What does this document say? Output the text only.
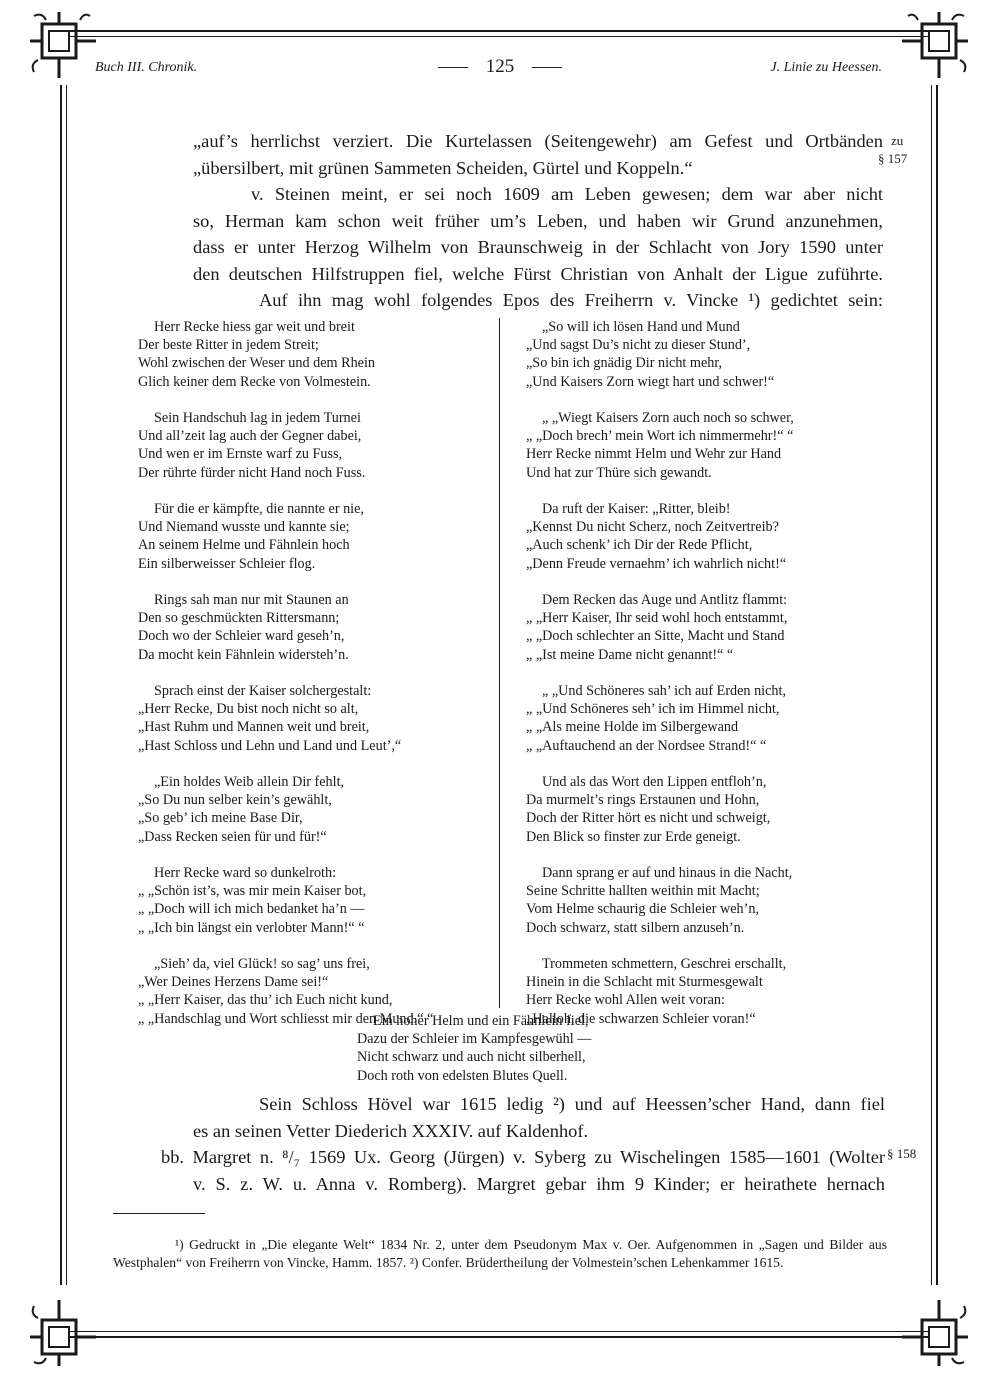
Buch III. Chronik.	125	J. Linie zu Heessen.

„auf’s herrlichst verziert. Die Kurtelassen (Seitengewehr) am Gefest und Ortbänden

„übersilbert, mit grünen Sammeten Scheiden, Gürtel und Koppeln.“

v. Steinen meint, er sei noch 1609 am Leben gewesen; dem war aber nicht

so, Herman kam schon weit früher um’s Leben, und haben wir Grund anzunehmen,

dass er unter Herzog Wilhelm von Braunschweig in der Schlacht von Jory 1590 unter

den deutschen Hilfstruppen fiel, welche Fürst Christian von Anhalt der Ligue zuführte.

Auf ihn mag wohl folgendes Epos des Freiherrn v. Vincke ¹) gedichtet sein:

zu
§ 157
Herr Recke hiess gar weit und breit
Der beste Ritter in jedem Streit;
Wohl zwischen der Weser und dem Rhein
Glich keiner dem Recke von Volmestein.
Sein Handschuh lag in jedem Turnei
Und all’zeit lag auch der Gegner dabei,
Und wen er im Ernste warf zu Fuss,
Der rührte fürder nicht Hand noch Fuss.
Für die er kämpfte, die nannte er nie,
Und Niemand wusste und kannte sie;
An seinem Helme und Fähnlein hoch
Ein silberweisser Schleier flog.
Rings sah man nur mit Staunen an
Den so geschmückten Rittersmann;
Doch wo der Schleier ward geseh’n,
Da mocht kein Fähnlein widersteh’n.
Sprach einst der Kaiser solchergestalt:
„Herr Recke, Du bist noch nicht so alt,
„Hast Ruhm und Mannen weit und breit,
„Hast Schloss und Lehn und Land und Leut’,“
„Ein holdes Weib allein Dir fehlt,
„So Du nun selber kein’s gewählt,
„So geb’ ich meine Base Dir,
„Dass Recken seien für und für!“
Herr Recke ward so dunkelroth:
„ „Schön ist’s, was mir mein Kaiser bot,
„ „Doch will ich mich bedanket ha’n —
„ „Ich bin längst ein verlobter Mann!“ “
„Sieh’ da, viel Glück! so sag’ uns frei,
„Wer Deines Herzens Dame sei!“
„ „Herr Kaiser, das thu’ ich Euch nicht kund,
„ „Handschlag und Wort schliesst mir den Mund.“ “
„So will ich lösen Hand und Mund
„Und sagst Du’s nicht zu dieser Stund’,
„So bin ich gnädig Dir nicht mehr,
„Und Kaisers Zorn wiegt hart und schwer!“
„ „Wiegt Kaisers Zorn auch noch so schwer,
„ „Doch brech’ mein Wort ich nimmermehr!“ “
Herr Recke nimmt Helm und Wehr zur Hand
Und hat zur Thüre sich gewandt.
Da ruft der Kaiser: „Ritter, bleib!
„Kennst Du nicht Scherz, noch Zeitvertreib?
„Auch schenk’ ich Dir der Rede Pflicht,
„Denn Freude vernaehm’ ich wahrlich nicht!“
Dem Recken das Auge und Antlitz flammt:
„ „Herr Kaiser, Ihr seid wohl hoch entstammt,
„ „Doch schlechter an Sitte, Macht und Stand
„ „Ist meine Dame nicht genannt!“ “
„ „Und Schöneres sah’ ich auf Erden nicht,
„ „Und Schöneres seh’ ich im Himmel nicht,
„ „Als meine Holde im Silbergewand
„ „Auftauchend an der Nordsee Strand!“ “
Und als das Wort den Lippen entfloh’n,
Da murmelt’s rings Erstaunen und Hohn,
Doch der Ritter hört es nicht und schweigt,
Den Blick so finster zur Erde geneigt.
Dann sprang er auf und hinaus in die Nacht,
Seine Schritte hallten weithin mit Macht;
Vom Helme schaurig die Schleier weh’n,
Doch schwarz, statt silbern anzuseh’n.
Trommeten schmettern, Geschrei erschallt,
Hinein in die Schlacht mit Sturmesgewalt
Herr Recke wohl Allen weit voran:
„Halloh, die schwarzen Schleier voran!“
Ein hoher Helm und ein Fähnlein fiel,
Dazu der Schleier im Kampfesgewühl —
Nicht schwarz und auch nicht silberhell,
Doch roth von edelsten Blutes Quell.

Sein Schloss Hövel war 1615 ledig ²) und auf Heessen’scher Hand, dann fiel

es an seinen Vetter Diederich XXXIV. auf Kaldenhof.

bb. Margret n. ⁸/₇ 1569 Ux. Georg (Jürgen) v. Syberg zu Wischelingen 1585—1601 (Wolter

v. S. z. W. u. Anna v. Romberg). Margret gebar ihm 9 Kinder; er heirathete hernach

§ 158

¹) Gedruckt in „Die elegante Welt“ 1834 Nr. 2, unter dem Pseudonym Max v. Oer. Aufgenommen in „Sagen und Bilder aus Westphalen“ von Freiherrn von Vincke, Hamm. 1857. ²) Confer. Brüdertheilung der Volmestein’schen Lehenkammer 1615.
